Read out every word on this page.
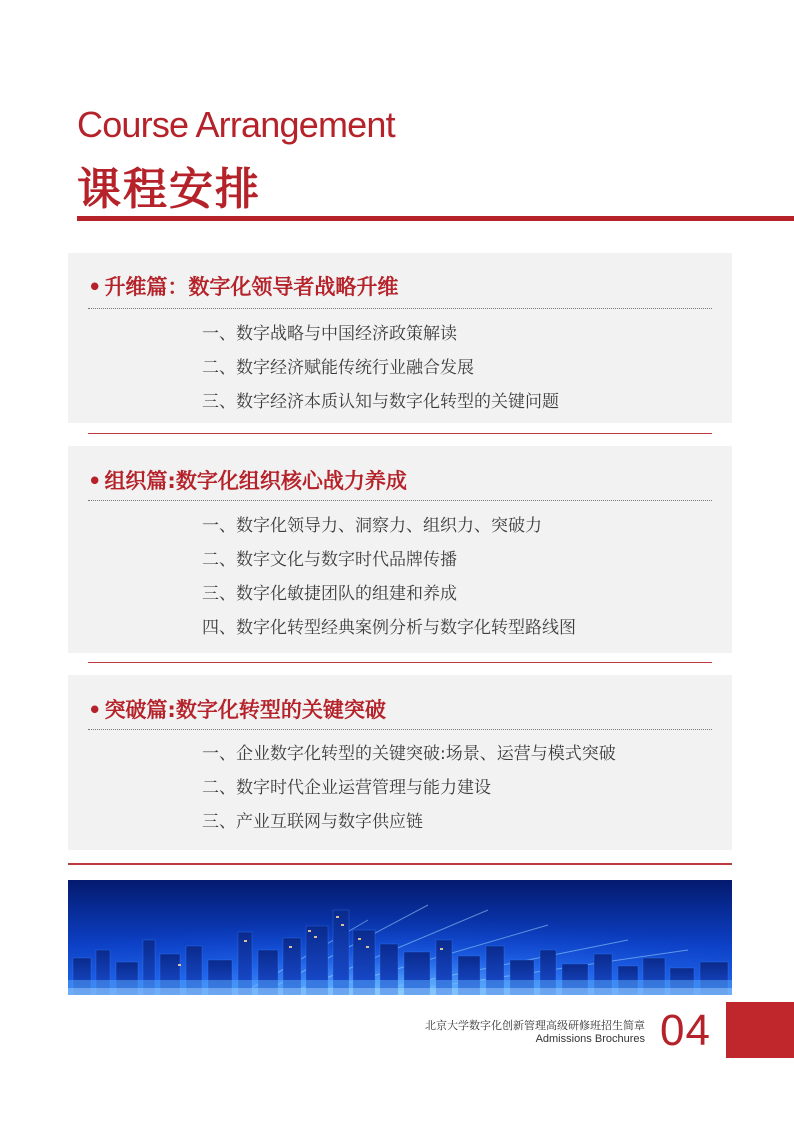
Course Arrangement
课程安排
• 升维篇：数字化领导者战略升维
一、数字战略与中国经济政策解读
二、数字经济赋能传统行业融合发展
三、数字经济本质认知与数字化转型的关键问题
• 组织篇:数字化组织核心战力养成
一、数字化领导力、洞察力、组织力、突破力
二、数字文化与数字时代品牌传播
三、数字化敏捷团队的组建和养成
四、数字化转型经典案例分析与数字化转型路线图
• 突破篇:数字化转型的关键突破
一、企业数字化转型的关键突破:场景、运营与模式突破
二、数字时代企业运营管理与能力建设
三、产业互联网与数字供应链
北京大学数字化创新管理高级研修班招生简章
Admissions Brochures 04
